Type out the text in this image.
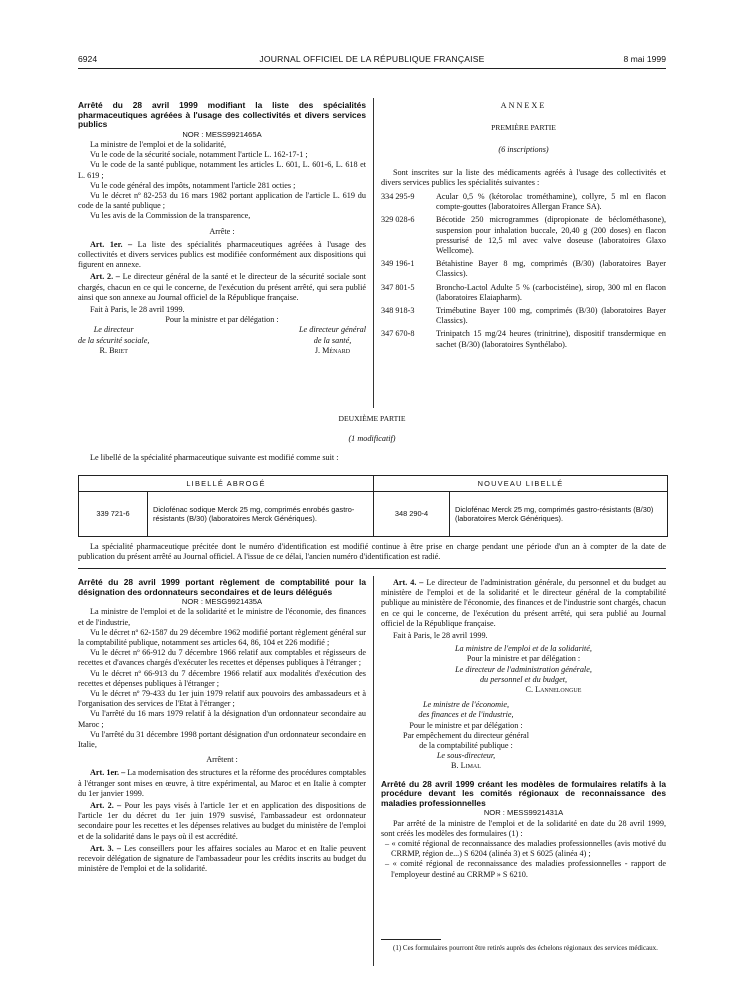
6924	JOURNAL OFFICIEL DE LA RÉPUBLIQUE FRANÇAISE	8 mai 1999

Arrêté du 28 avril 1999 modifiant la liste des spécialités pharmaceutiques agréées à l'usage des collectivités et divers services publics

NOR : MESS9921465A

La ministre de l'emploi et de la solidarité,

Vu le code de la sécurité sociale, notamment l'article L. 162-17-1 ;

Vu le code de la santé publique, notamment les articles L. 601, L. 601-6, L. 618 et L. 619 ;

Vu le code général des impôts, notamment l'article 281 octies ;

Vu le décret nº 82-253 du 16 mars 1982 portant application de l'article L. 619 du code de la santé publique ;

Vu les avis de la Commission de la transparence,

Arrête :

Art. 1er. – La liste des spécialités pharmaceutiques agréées à l'usage des collectivités et divers services publics est modifiée conformément aux dispositions qui figurent en annexe.

Art. 2. – Le directeur général de la santé et le directeur de la sécurité sociale sont chargés, chacun en ce qui le concerne, de l'exécution du présent arrêté, qui sera publié ainsi que son annexe au Journal officiel de la République française.

Fait à Paris, le 28 avril 1999.

Pour la ministre et par délégation :

Le directeur
de la sécurité sociale,
R. Briet
Le directeur général
de la santé,
J. Ménard

ANNEXE

PREMIÈRE PARTIE

(6 inscriptions)

Sont inscrites sur la liste des médicaments agréés à l'usage des collectivités et divers services publics les spécialités suivantes :

334 295-9	Acular 0,5 % (kétorolac trométhamine), collyre, 5 ml en flacon compte-gouttes (laboratoires Allergan France SA).
329 028-6	Bécotide 250 microgrammes (dipropionate de béclométhasone), suspension pour inhalation buccale, 20,40 g (200 doses) en flacon pressurisé de 12,5 ml avec valve doseuse (laboratoires Glaxo Wellcome).
349 196-1	Bétahistine Bayer 8 mg, comprimés (B/30) (laboratoires Bayer Classics).
347 801-5	Broncho-Lactol Adulte 5 % (carbocistéine), sirop, 300 ml en flacon (laboratoires Elaiapharm).
348 918-3	Trimébutine Bayer 100 mg, comprimés (B/30) (laboratoires Bayer Classics).
347 670-8	Trinipatch 15 mg/24 heures (trinitrine), dispositif transdermique en sachet (B/30) (laboratoires Synthélabo).

DEUXIÈME PARTIE

(1 modificatif)

Le libellé de la spécialité pharmaceutique suivante est modifié comme suit :

LIBELLÉ ABROGÉ	NOUVEAU LIBELLÉ
339 721-6	Diclofénac sodique Merck 25 mg, comprimés enrobés gastro-résistants (B/30) (laboratoires Merck Génériques).	348 290-4	Diclofénac Merck 25 mg, comprimés gastro-résistants (B/30) (laboratoires Merck Génériques).

La spécialité pharmaceutique précitée dont le numéro d'identification est modifié continue à être prise en charge pendant une période d'un an à compter de la date de publication du présent arrêté au Journal officiel. A l'issue de ce délai, l'ancien numéro d'identification est radié.

Arrêté du 28 avril 1999 portant règlement de comptabilité pour la désignation des ordonnateurs secondaires et de leurs délégués

NOR : MESG9921435A

La ministre de l'emploi et de la solidarité et le ministre de l'économie, des finances et de l'industrie,

Vu le décret nº 62-1587 du 29 décembre 1962 modifié portant règlement général sur la comptabilité publique, notamment ses articles 64, 86, 104 et 226 modifié ;

Vu le décret nº 66-912 du 7 décembre 1966 relatif aux comptables et régisseurs de recettes et d'avances chargés d'exécuter les recettes et dépenses publiques à l'étranger ;

Vu le décret nº 66-913 du 7 décembre 1966 relatif aux modalités d'exécution des recettes et dépenses publiques à l'étranger ;

Vu le décret nº 79-433 du 1er juin 1979 relatif aux pouvoirs des ambassadeurs et à l'organisation des services de l'Etat à l'étranger ;

Vu l'arrêté du 16 mars 1979 relatif à la désignation d'un ordonnateur secondaire au Maroc ;

Vu l'arrêté du 31 décembre 1998 portant désignation d'un ordonnateur secondaire en Italie,

Arrêtent :

Art. 1er. – La modernisation des structures et la réforme des procédures comptables à l'étranger sont mises en œuvre, à titre expérimental, au Maroc et en Italie à compter du 1er janvier 1999.

Art. 2. – Pour les pays visés à l'article 1er et en application des dispositions de l'article 1er du décret du 1er juin 1979 susvisé, l'ambassadeur est ordonnateur secondaire pour les recettes et les dépenses relatives au budget du ministère de l'emploi et de la solidarité dans le pays où il est accrédité.

Art. 3. – Les conseillers pour les affaires sociales au Maroc et en Italie peuvent recevoir délégation de signature de l'ambassadeur pour les crédits inscrits au budget du ministère de l'emploi et de la solidarité.

Art. 4. – Le directeur de l'administration générale, du personnel et du budget au ministère de l'emploi et de la solidarité et le directeur général de la comptabilité publique au ministère de l'économie, des finances et de l'industrie sont chargés, chacun en ce qui le concerne, de l'exécution du présent arrêté, qui sera publié au Journal officiel de la République française.

Fait à Paris, le 28 avril 1999.

La ministre de l'emploi et de la solidarité,
Pour la ministre et par délégation :
Le directeur de l'administration générale,
du personnel et du budget,
C. Lannelongue
Le ministre de l'économie,
des finances et de l'industrie,
Pour le ministre et par délégation :
Par empêchement du directeur général
de la comptabilité publique :
Le sous-directeur,
B. Limal

Arrêté du 28 avril 1999 créant les modèles de formulaires relatifs à la procédure devant les comités régionaux de reconnaissance des maladies professionnelles

NOR : MESS9921431A

Par arrêté de la ministre de l'emploi et de la solidarité en date du 28 avril 1999, sont créés les modèles des formulaires (1) :

– « comité régional de reconnaissance des maladies professionnelles (avis motivé du CRRMP, région de...) S 6204 (alinéa 3) et S 6025 (alinéa 4) ;

– « comité régional de reconnaissance des maladies professionnelles - rapport de l'employeur destiné au CRRMP » S 6210.

(1) Ces formulaires pourront être retirés auprès des échelons régionaux des services médicaux.
